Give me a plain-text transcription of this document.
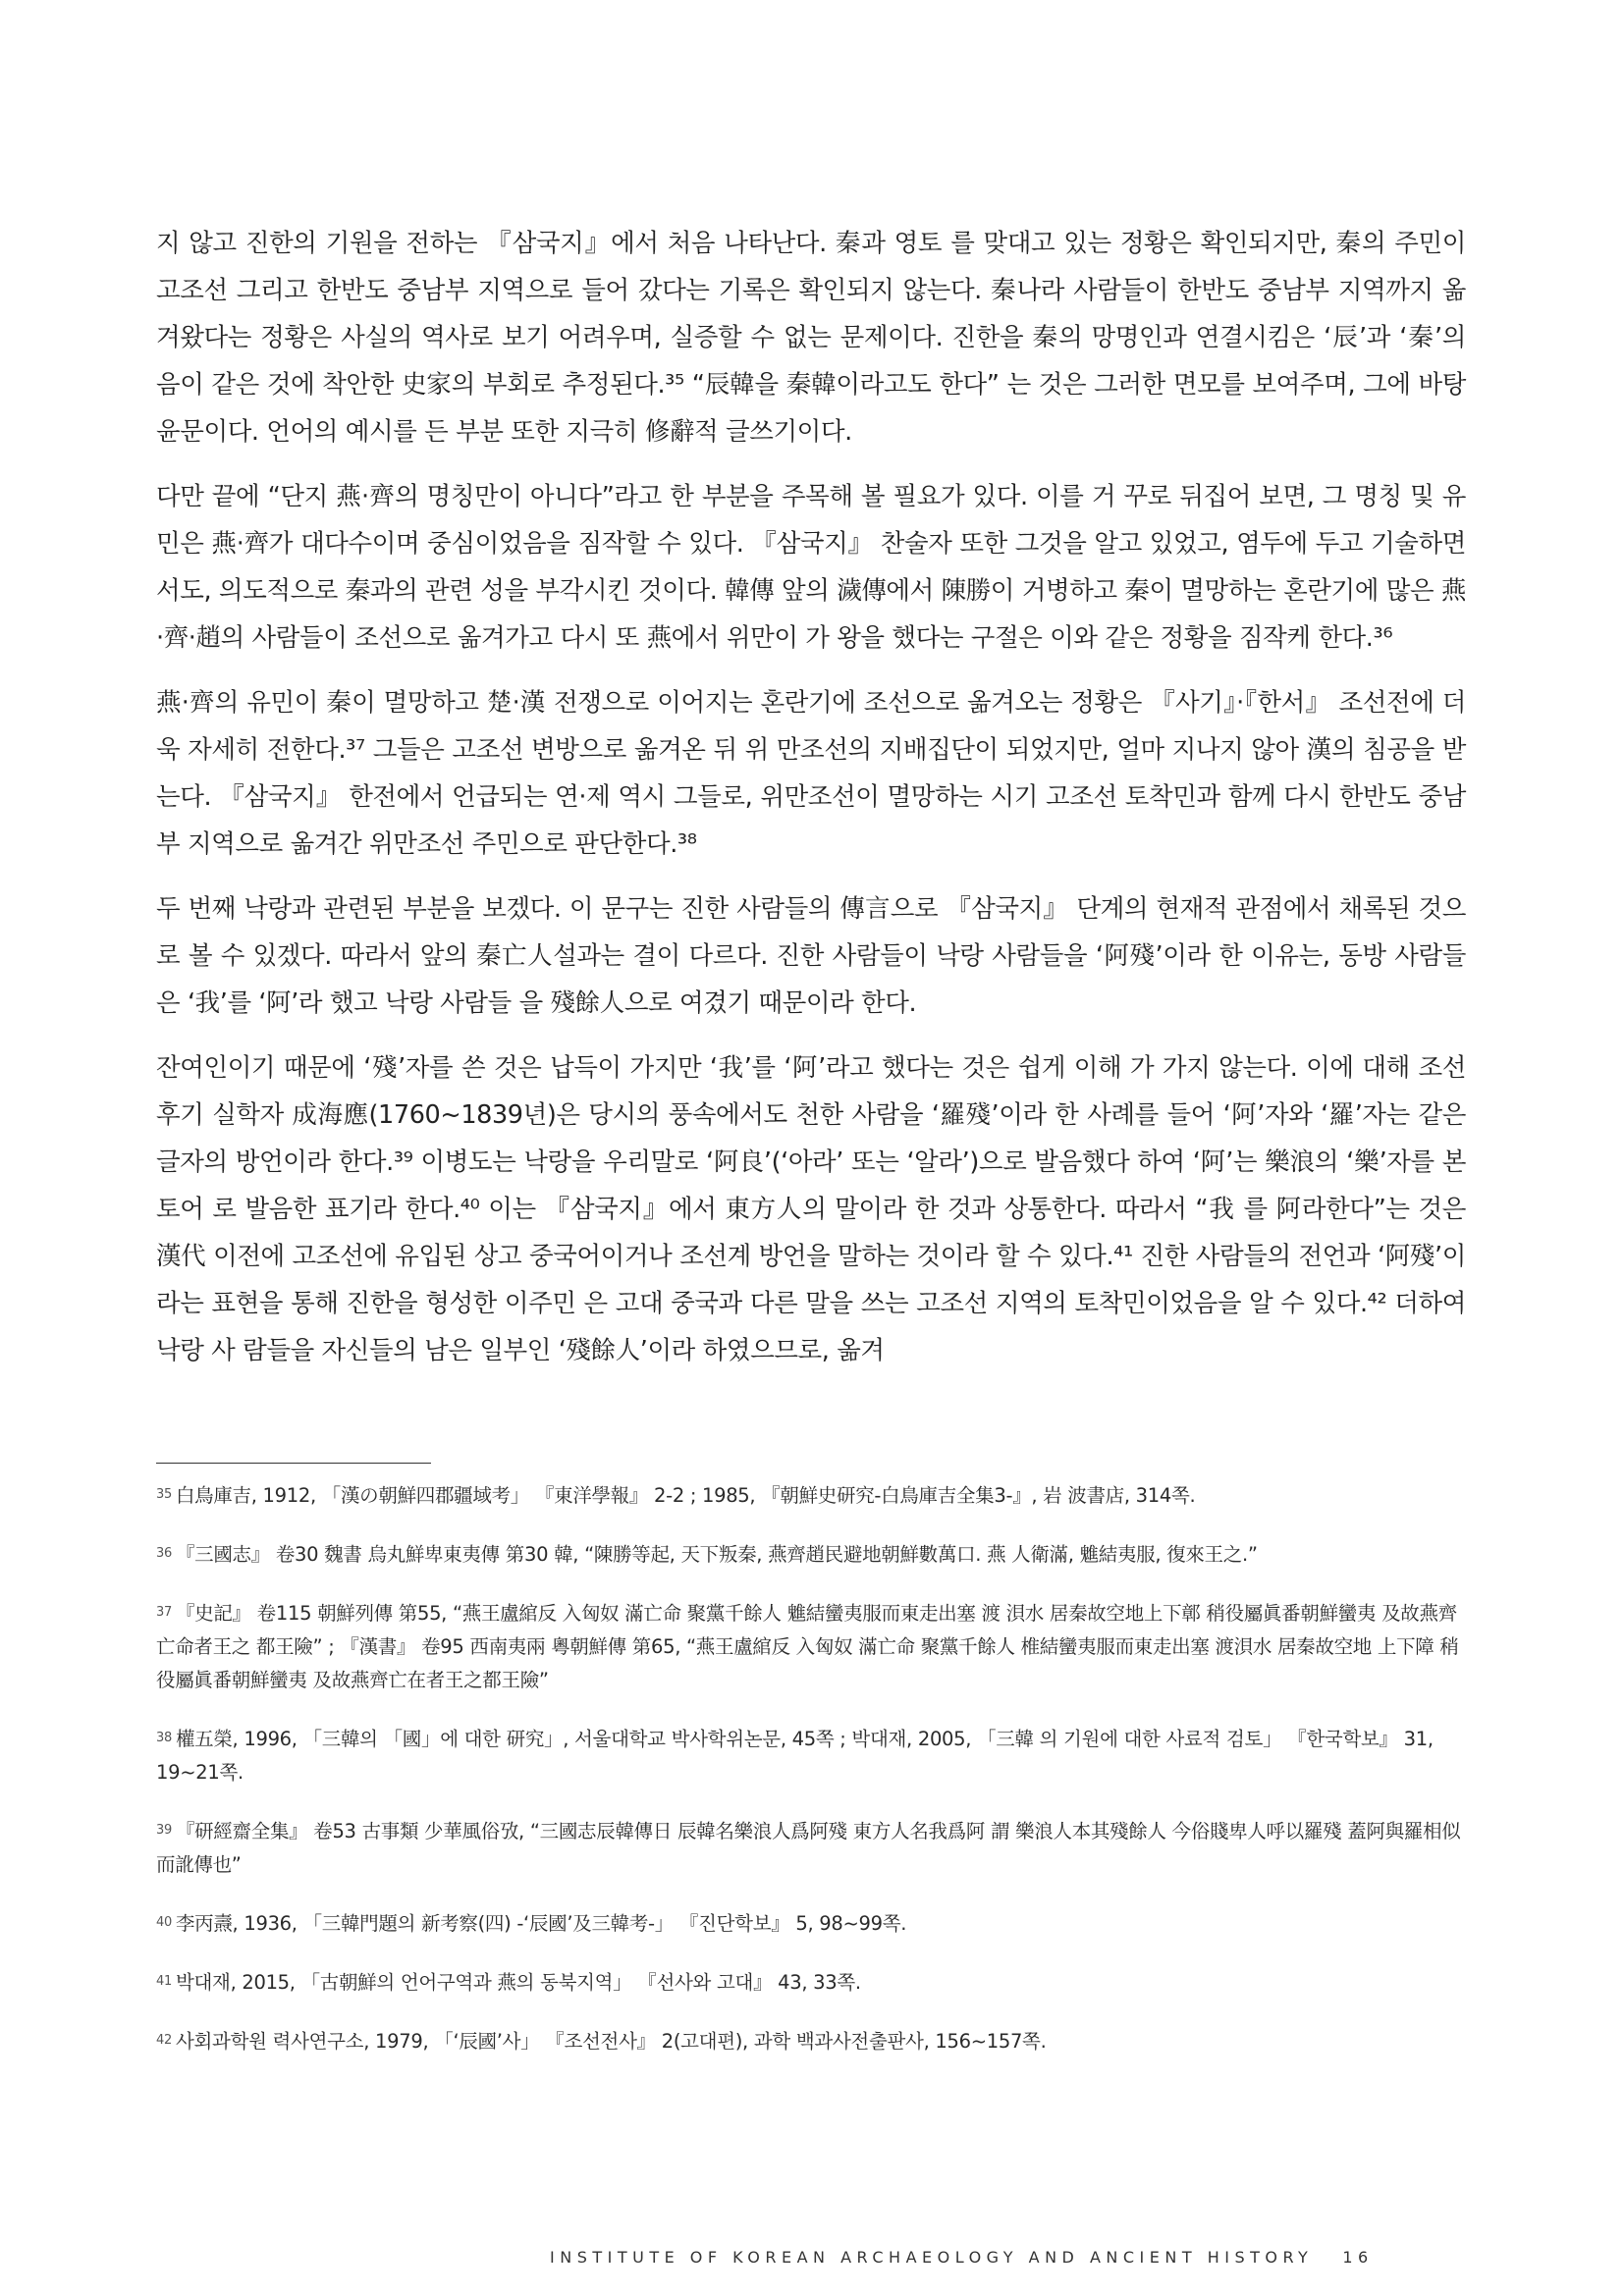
지 않고 진한의 기원을 전하는 『삼국지』에서 처음 나타난다. 秦과 영토 를 맞대고 있는 정황은 확인되지만, 秦의 주민이 고조선 그리고 한반도 중남부 지역으로 들어 갔다는 기록은 확인되지 않는다. 秦나라 사람들이 한반도 중남부 지역까지 옮겨왔다는 정황은 사실의 역사로 보기 어려우며, 실증할 수 없는 문제이다. 진한을 秦의 망명인과 연결시킴은 ‘辰’과 ‘秦’의 음이 같은 것에 착안한 史家의 부회로 추정된다.³⁵ “辰韓을 秦韓이라고도 한다” 는 것은 그러한 면모를 보여주며, 그에 바탕 윤문이다. 언어의 예시를 든 부분 또한 지극히 修辭적 글쓰기이다.

다만 끝에 “단지 燕·齊의 명칭만이 아니다”라고 한 부분을 주목해 볼 필요가 있다. 이를 거 꾸로 뒤집어 보면, 그 명칭 및 유민은 燕·齊가 대다수이며 중심이었음을 짐작할 수 있다. 『삼국지』 찬술자 또한 그것을 알고 있었고, 염두에 두고 기술하면서도, 의도적으로 秦과의 관련 성을 부각시킨 것이다. 韓傳 앞의 濊傳에서 陳勝이 거병하고 秦이 멸망하는 혼란기에 많은 燕·齊·趙의 사람들이 조선으로 옮겨가고 다시 또 燕에서 위만이 가 왕을 했다는 구절은 이와 같은 정황을 짐작케 한다.³⁶

燕·齊의 유민이 秦이 멸망하고 楚·漢 전쟁으로 이어지는 혼란기에 조선으로 옮겨오는 정황은 『사기』·『한서』 조선전에 더욱 자세히 전한다.³⁷ 그들은 고조선 변방으로 옮겨온 뒤 위 만조선의 지배집단이 되었지만, 얼마 지나지 않아 漢의 침공을 받는다. 『삼국지』 한전에서 언급되는 연·제 역시 그들로, 위만조선이 멸망하는 시기 고조선 토착민과 함께 다시 한반도 중남부 지역으로 옮겨간 위만조선 주민으로 판단한다.³⁸

두 번째 낙랑과 관련된 부분을 보겠다. 이 문구는 진한 사람들의 傳言으로 『삼국지』 단계의 현재적 관점에서 채록된 것으로 볼 수 있겠다. 따라서 앞의 秦亡人설과는 결이 다르다. 진한 사람들이 낙랑 사람들을 ‘阿殘’이라 한 이유는, 동방 사람들은 ‘我’를 ‘阿’라 했고 낙랑 사람들 을 殘餘人으로 여겼기 때문이라 한다.

잔여인이기 때문에 ‘殘’자를 쓴 것은 납득이 가지만 ‘我’를 ‘阿’라고 했다는 것은 쉽게 이해 가 가지 않는다. 이에 대해 조선후기 실학자 成海應(1760~1839년)은 당시의 풍속에서도 천한 사람을 ‘羅殘’이라 한 사례를 들어 ‘阿’자와 ‘羅’자는 같은 글자의 방언이라 한다.³⁹ 이병도는 낙랑을 우리말로 ‘阿良’(‘아라’ 또는 ‘알라’)으로 발음했다 하여 ‘阿’는 樂浪의 ‘樂’자를 본토어 로 발음한 표기라 한다.⁴⁰ 이는 『삼국지』에서 東方人의 말이라 한 것과 상통한다. 따라서 “我 를 阿라한다”는 것은 漢代 이전에 고조선에 유입된 상고 중국어이거나 조선계 방언을 말하는 것이라 할 수 있다.⁴¹ 진한 사람들의 전언과 ‘阿殘’이라는 표현을 통해 진한을 형성한 이주민 은 고대 중국과 다른 말을 쓰는 고조선 지역의 토착민이었음을 알 수 있다.⁴² 더하여 낙랑 사 람들을 자신들의 남은 일부인 ‘殘餘人’이라 하였으므로, 옮겨

$^{35}$ 白鳥庫吉, 1912, 「漢の朝鮮四郡疆域考」 『東洋學報』 2-2 ; 1985, 『朝鮮史研究-白鳥庫吉全集3-』, 岩 波書店, 314쪽.

$^{36}$ 『三國志』 卷30 魏書 烏丸鮮卑東夷傳 第30 韓, “陳勝等起, 天下叛秦, 燕齊趙民避地朝鮮數萬口. 燕 人衛滿, 魋結夷服, 復來王之.”

$^{37}$ 『史記』 卷115 朝鮮列傳 第55, “燕王盧綰反 入匈奴 滿亡命 聚黨千餘人 魋結蠻夷服而東走出塞 渡 浿水 居秦故空地上下鄣 稍役屬眞番朝鮮蠻夷 及故燕齊亡命者王之 都王險” ; 『漢書』 卷95 西南夷兩 粵朝鮮傳 第65, “燕王盧綰反 入匈奴 滿亡命 聚黨千餘人 椎結蠻夷服而東走出塞 渡浿水 居秦故空地 上下障 稍役屬眞番朝鮮蠻夷 及故燕齊亡在者王之都王險”

$^{38}$ 權五榮, 1996, 「三韓의 「國」에 대한 研究」, 서울대학교 박사학위논문, 45쪽 ; 박대재, 2005, 「三韓 의 기원에 대한 사료적 검토」 『한국학보』 31, 19~21쪽.

$^{39}$ 『研經齋全集』 卷53 古事類 少華風俗攷, “三國志辰韓傳日 辰韓名樂浪人爲阿殘 東方人名我爲阿 謂 樂浪人本其殘餘人 今俗賤卑人呼以羅殘 蓋阿與羅相似而訛傳也”

$^{40}$ 李丙燾, 1936, 「三韓門題의 新考察(四) -‘辰國’及三韓考-」 『진단학보』 5, 98~99쪽.

$^{41}$ 박대재, 2015, 「古朝鮮의 언어구역과 燕의 동북지역」 『선사와 고대』 43, 33쪽.

$^{42}$ 사회과학원 력사연구소, 1979, 「‘辰國’사」 『조선전사』 2(고대편), 과학 백과사전출판사, 156~157쪽.

INSTITUTE OF KOREAN ARCHAEOLOGY AND ANCIENT HISTORY 16
